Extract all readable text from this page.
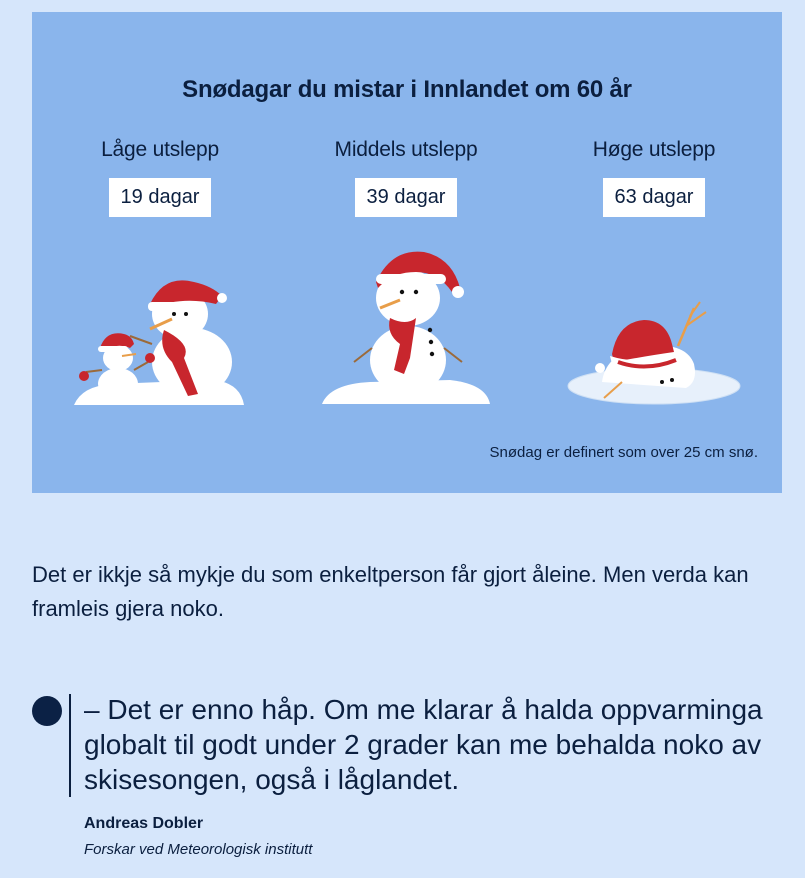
Snødagar du mistar i Innlandet om 60 år
Låge utslepp
19 dagar
Middels utslepp
39 dagar
Høge utslepp
63 dagar
Snødag er definert som over 25 cm snø.

Det er ikkje så mykje du som enkeltperson får gjort åleine. Men verda kan framleis gjera noko.

– Det er enno håp. Om me klarar å halda oppvarminga globalt til godt under 2 grader kan me behalda noko av skisesongen, også i låglandet.

Andreas Dobler
Forskar ved Meteorologisk institutt
